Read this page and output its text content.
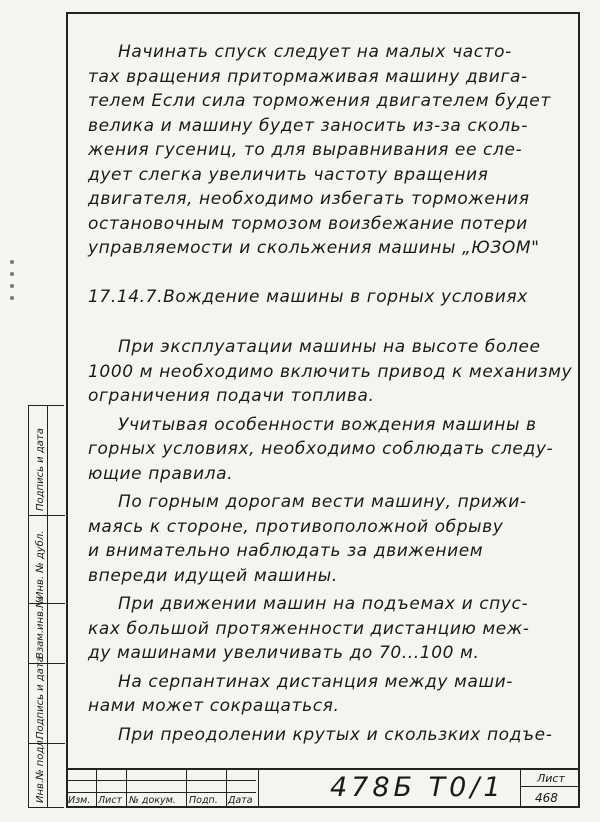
Подпись и дата
Инв. № дубл.
Взам.инв.№
Подпись и дата
Инв.№ подл.
Начинать спуск следует на малых часто-
тах вращения притормаживая машину двига-
телем Если сила торможения двигателем будет
велика и машину будет заносить из-за сколь-
жения гусениц, то для выравнивания ее сле-
дует слегка увеличить частоту вращения
двигателя, необходимо избегать торможения
остановочным тормозом воизбежание потери
управляемости и скольжения машины „ЮЗОМ"
17.14.7.Вождение машины в горных условиях
При эксплуатации машины на высоте более
1000 м необходимо включить привод к механизму
ограничения подачи топлива.
Учитывая особенности вождения машины в
горных условиях, необходимо соблюдать следу-
ющие правила.
По горным дорогам вести машину, прижи-
маясь к стороне, противоположной обрыву
и внимательно наблюдать за движением
впереди идущей машины.
При движении машин на подъемах и спус-
ках большой протяженности дистанцию меж-
ду машинами увеличивать до 70...100 м.
На серпантинах дистанция между маши-
нами может сокращаться.
При преодолении крутых и скользких подъе-
Изм. Лист № докум. Подп. Дата	478Б Т0/1	Лист
468
